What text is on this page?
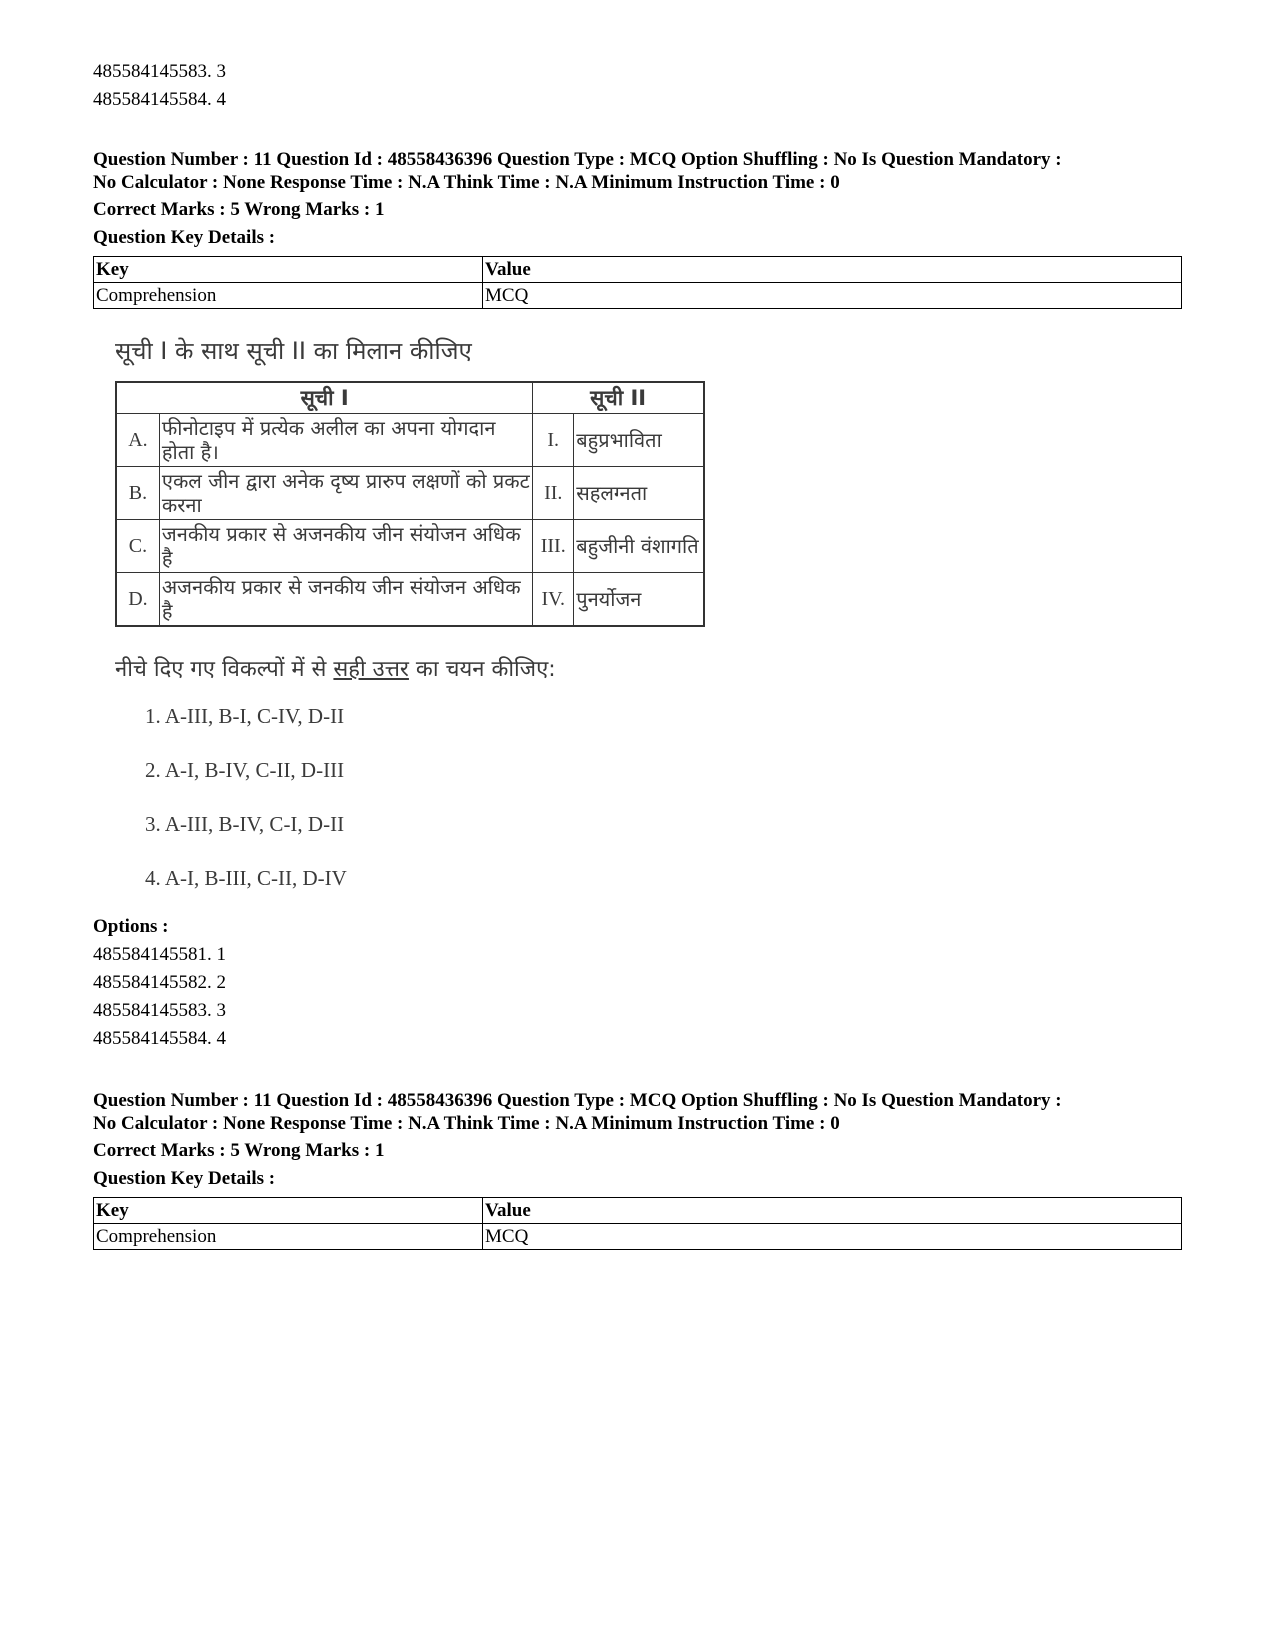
485584145583. 3
485584145584. 4
Question Number : 11 Question Id : 48558436396 Question Type : MCQ Option Shuffling : No Is Question Mandatory :
No Calculator : None Response Time : N.A Think Time : N.A Minimum Instruction Time : 0
Correct Marks : 5 Wrong Marks : 1
Question Key Details :
Key	Value
Comprehension	MCQ
सूची I के साथ सूची II का मिलान कीजिए
सूची I		सूची II	
A.	फीनोटाइप में प्रत्येक अलील का अपना योगदान होता है।	I.	बहुप्रभाविता
B.	एकल जीन द्वारा अनेक दृष्य प्रारुप लक्षणों को प्रकट करना	II.	सहलग्नता
C.	जनकीय प्रकार से अजनकीय जीन संयोजन अधिक है	III.	बहुजीनी वंशागति
D.	अजनकीय प्रकार से जनकीय जीन संयोजन अधिक है	IV.	पुनर्योजन
नीचे दिए गए विकल्पों में से सही उत्तर का चयन कीजिए:
1. A-III, B-I, C-IV, D-II
2. A-I, B-IV, C-II, D-III
3. A-III, B-IV, C-I, D-II
4. A-I, B-III, C-II, D-IV
Options :
485584145581. 1
485584145582. 2
485584145583. 3
485584145584. 4
Question Number : 11 Question Id : 48558436396 Question Type : MCQ Option Shuffling : No Is Question Mandatory :
No Calculator : None Response Time : N.A Think Time : N.A Minimum Instruction Time : 0
Correct Marks : 5 Wrong Marks : 1
Question Key Details :
Key	Value
Comprehension	MCQ
